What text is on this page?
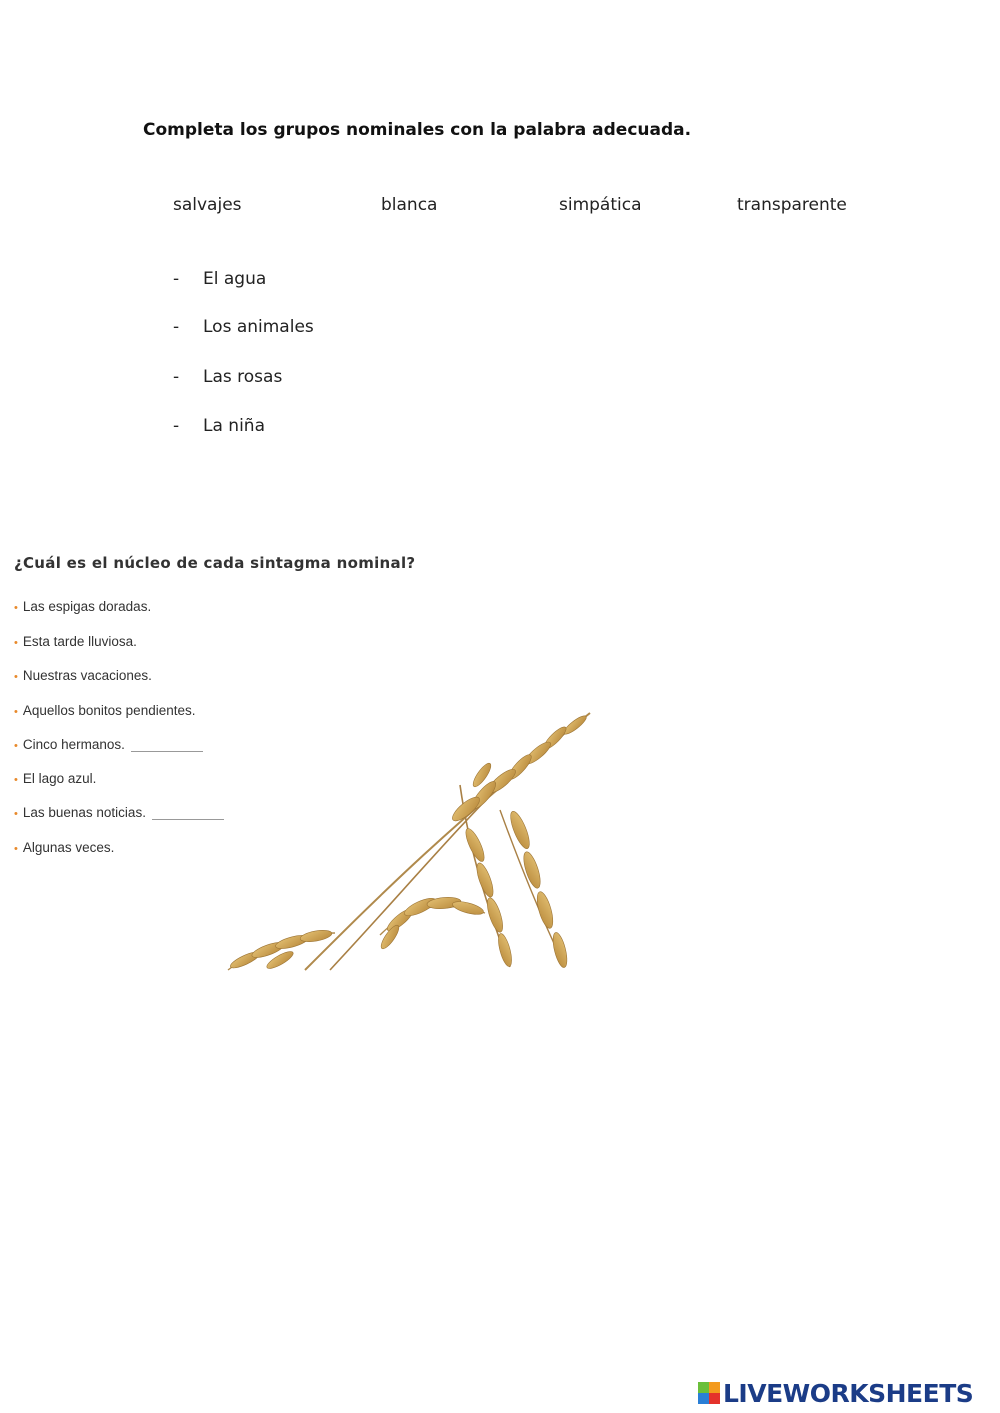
Completa los grupos nominales con la palabra adecuada.
salvajes	blanca	simpática	transparente
- El agua
- Los animales
- Las rosas
- La niña
¿Cuál es el núcleo de cada sintagma nominal?
• Las espigas doradas.
• Esta tarde lluviosa.
• Nuestras vacaciones.
• Aquellos bonitos pendientes.
• Cinco hermanos.
• El lago azul.
• Las buenas noticias.
• Algunas veces.
LIVEWORKSHEETS
